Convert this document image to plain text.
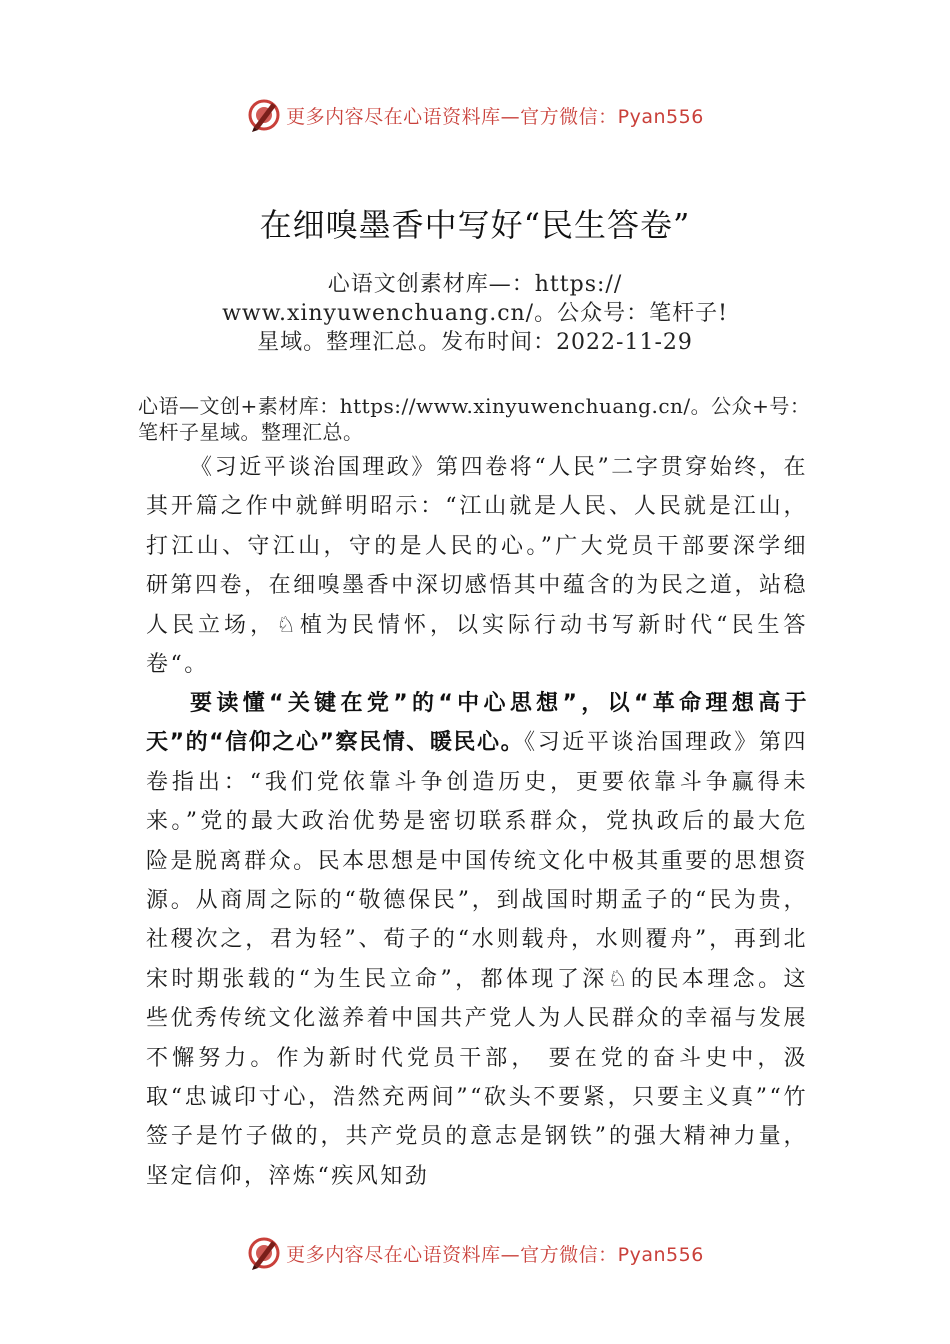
更多内容尽在心语资料库—官方微信：Pyan556
在细嗅墨香中写好“民生答卷”
心语文创素材库—：https://
www.xinyuwenchuang.cn/。公众号：笔杆子!
星域。整理汇总。发布时间：2022-11-29
心语—文创+素材库：https://www.xinyuwenchuang.cn/。公众+号：笔杆子星域。整理汇总。

《习近平谈治国理政》第四卷将“人民”二字贯穿始终，在其开篇之作中就鲜明昭示：“江山就是人民、人民就是江山，打江山、守江山，守的是人民的心。”广大党员干部要深学细研第四卷，在细嗅墨香中深切感悟其中蕴含的为民之道，站稳人民立场，♘植为民情怀，以实际行动书写新时代“民生答卷“。

要读懂“关键在党”的“中心思想”，以“革命理想高于天”的“信仰之心”察民情、暖民心。《习近平谈治国理政》第四卷指出：“我们党依靠斗争创造历史，更要依靠斗争赢得未来。”党的最大政治优势是密切联系群众，党执政后的最大危险是脱离群众。民本思想是中国传统文化中极其重要的思想资源。从商周之际的“敬德保民”，到战国时期孟子的“民为贵，社稷次之，君为轻”、荀子的“水则载舟，水则覆舟”，再到北宋时期张载的“为生民立命”，都体现了深♘的民本理念。这些优秀传统文化滋养着中国共产党人为人民群众的幸福与发展不懈努力。作为新时代党员干部， 要在党的奋斗史中，汲取“忠诚印寸心，浩然充两间”“砍头不要紧，只要主义真”“竹签子是竹子做的，共产党员的意志是钢铁”的强大精神力量，坚定信仰，淬炼“疾风知劲

更多内容尽在心语资料库—官方微信：Pyan556
